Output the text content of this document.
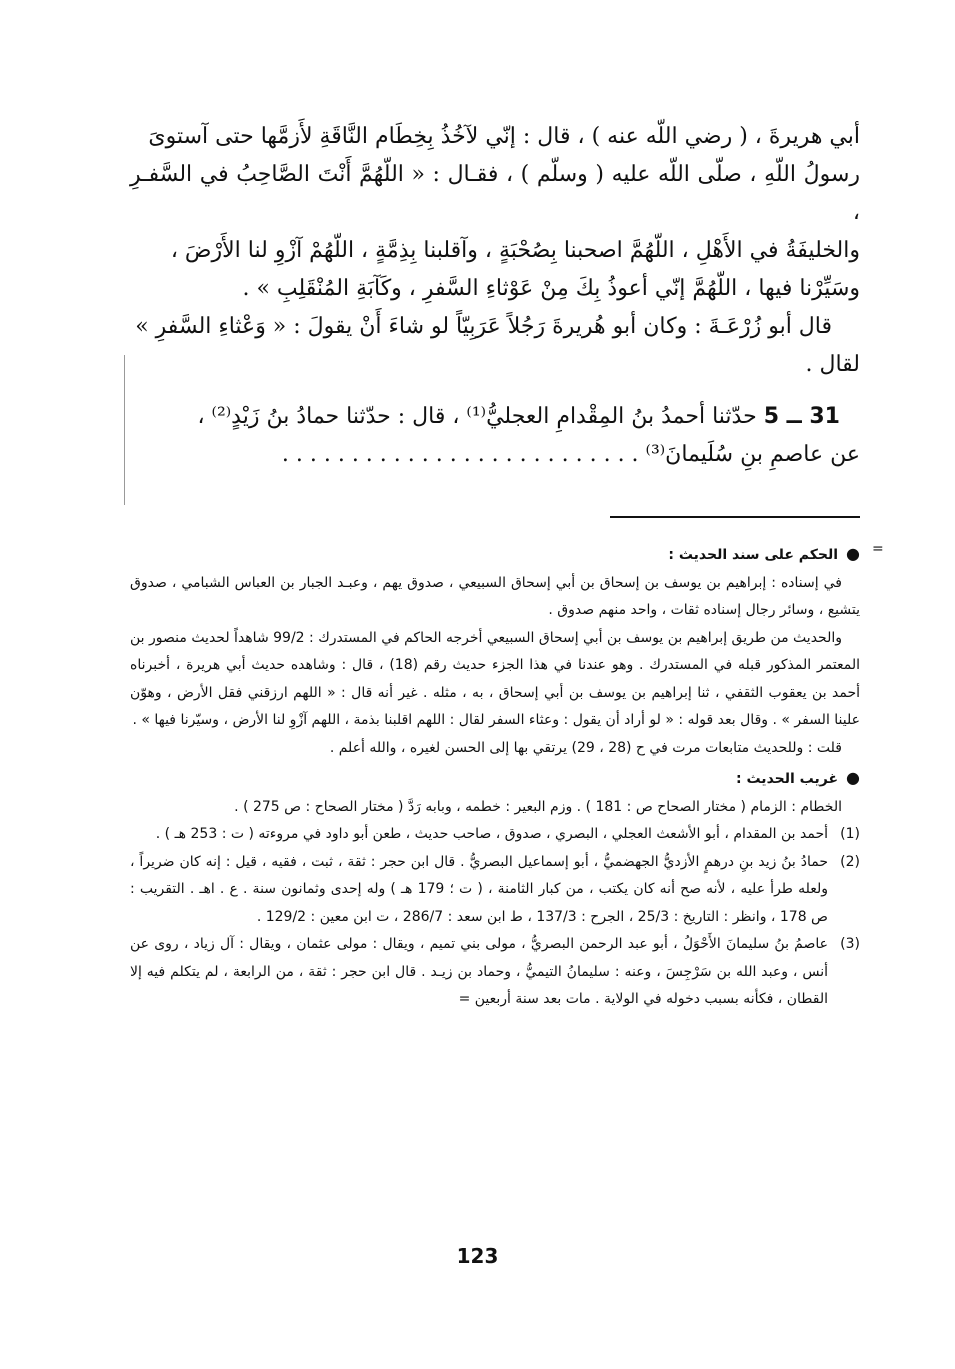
أبي هريرةَ ، ( رضي اللّه عنه ) ، قال : إنّي لآخُذُ بِخِطَام النَّاقَةِ لأَزمَّها حتى آستوىَ

رسولُ اللّهِ ، صلّى اللّه عليه ( وسلّم ) ، فقـال : « اللّهُمَّ أَنْتَ الصَّاحِبُ في السَّفـرِ ،

والخليفَةُ في الأَهْلِ ، اللّهُمَّ اصحبنا بِصُحْبَةٍ ، وآقلبنا بِذِمَّةٍ ، اللّهُمْ آزْوِ لنا الأَرْضَ ،

وسَيِّرْنا فيها ، اللّهُمَّ إنّي أعوذُ بِكَ مِنْ عَوْثاءِ السَّفرِ ، وكَآبَةِ المُنْقَلِبِ » .

قال أبو زُرْعَـةَ : وكان أبو هُريرةَ رَجُلاً عَرَبِيّاً لو شاءَ أَنْ يقولَ : « وَعْثاءِ السَّفرِ »

لقال .

31 ــ 5 حدّثنا أحمدُ بنُ المِقْدامِ العجليُّ⁽¹⁾ ، قال : حدّثنا حمادُ بنُ زَيْدٍ⁽²⁾ ،

عن عاصمِ بنِ سُلَيمانَ⁽³⁾ . . . . . . . . . . . . . . . . . . . . . . . . . .

=

●الحكم على سند الحديث :

في إسناده : إبراهيم بن يوسف بن إسحاق بن أبي إسحاق السبيعي ، صدوق يهم ، وعبـد الجبار بن العباس الشبامي ، صدوق يتشيع ، وسائر رجال إسناده ثقات ، واحد منهم صدوق .

والحديث من طريق إبراهيم بن يوسف بن أبي إسحاق السبيعي أخرجه الحاكم في المستدرك : 99/2 شاهداً لحديث منصور بن المعتمر المذكور قبله في المستدرك . وهو عندنا في هذا الجزء حديث رقم (18) ، قال : وشاهده حديث أبي هريرة ، أخبرناه أحمد بن يعقوب الثقفي ، ثنا إبراهيم بن يوسف بن أبي إسحاق ، به ، مثله . غير أنه قال : « اللهم ارزقني فقل الأرض ، وهوّن علينا السفر » . وقال بعد قوله : « لو أراد أن يقول : وعثاء السفر لقال : اللهم اقلبنا بذمة ، اللهم آزْوِ لنا الأرض ، وسيّرنا فيها » .

قلت : وللحديث متابعات مرت في ح (28 ، 29) يرتقي بها إلى الحسن لغيره ، والله أعلم .

●غريب الحديث :

الخطام : الزمام ( مختار الصحاح ص : 181 ) . وزم البعير : خطمه ، وبابه رَدَّ ( مختار الصحاح : ص 275 ) .

(1)
أحمد بن المقدام ، أبو الأشعث العجلي ، البصري ، صدوق ، صاحب حديث ، طعن أبو داود في مروءته ( ت : 253 هـ ) .

(2)
حمادُ بنُ زيد بنِ درهمٍ الأزديُّ الجهضميُّ ، أبو إسماعيل البصريُّ . قال ابن حجر : ثقة ، ثبت ، فقيه ، قيل : إنه كان ضريراً ، ولعله طرأ عليه ، لأنه صح أنه كان يكتب ، من كبار الثامنة ، ( ت ؛ 179 هـ ) وله إحدى وثمانون سنة . ع . اهـ . التقريب : ص 178 ، وانظر : التاريخ : 25/3 ، الجرح : 137/3 ، ط ابن سعد : 286/7 ، ت ابن معين : 129/2 .

(3)
عاصمُ بنُ سليمانَ الأَحْوَلُ ، أبو عبد الرحمن البصريُّ ، مولى بني تميم ، ويقال : مولى عثمان ، ويقال : آل زياد ، روى عن أنس ، وعبد الله بن سَرْجِسَ ، وعنه : سليمانُ التيميُّ ، وحماد بن زيـد . قال ابن حجر : ثقة ، من الرابعة ، لم يتكلم فيه إلا القطان ، فكأنه بسبب دخوله في الولاية . مات بعد سنة أربعين =

123
